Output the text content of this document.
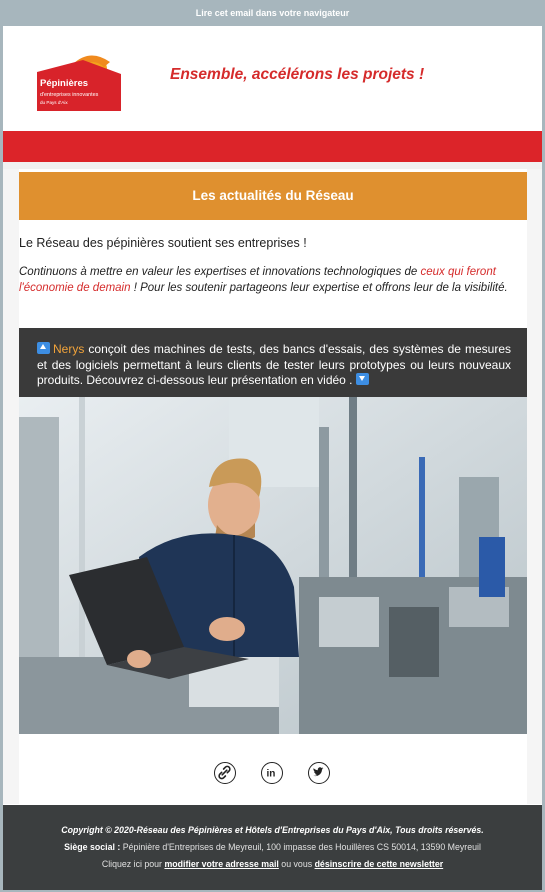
Lire cet email dans votre navigateur
Pépinières
d'entreprises innovantes
du Pays d'Aix
Ensemble, accélérons les projets !
Les actualités du Réseau
Le Réseau des pépinières soutient ses entreprises !
Continuons à mettre en valeur les expertises et innovations technologiques de ceux qui feront l'économie de demain ! Pour les soutenir partageons leur expertise et offrons leur de la visibilité.
Nerys conçoit des machines de tests, des bancs d'essais, des systèmes de mesures et des logiciels permettant à leurs clients de tester leurs prototypes ou leurs nouveaux produits. Découvrez ci-dessous leur présentation en vidéo .
in
Copyright © 2020-Réseau des Pépinières et Hôtels d'Entreprises du Pays d'Aix, Tous droits réservés.
Siège social : Pépinière d'Entreprises de Meyreuil, 100 impasse des Houillères CS 50014, 13590 Meyreuil
Cliquez ici pour modifier votre adresse mail ou vous désinscrire de cette newsletter
